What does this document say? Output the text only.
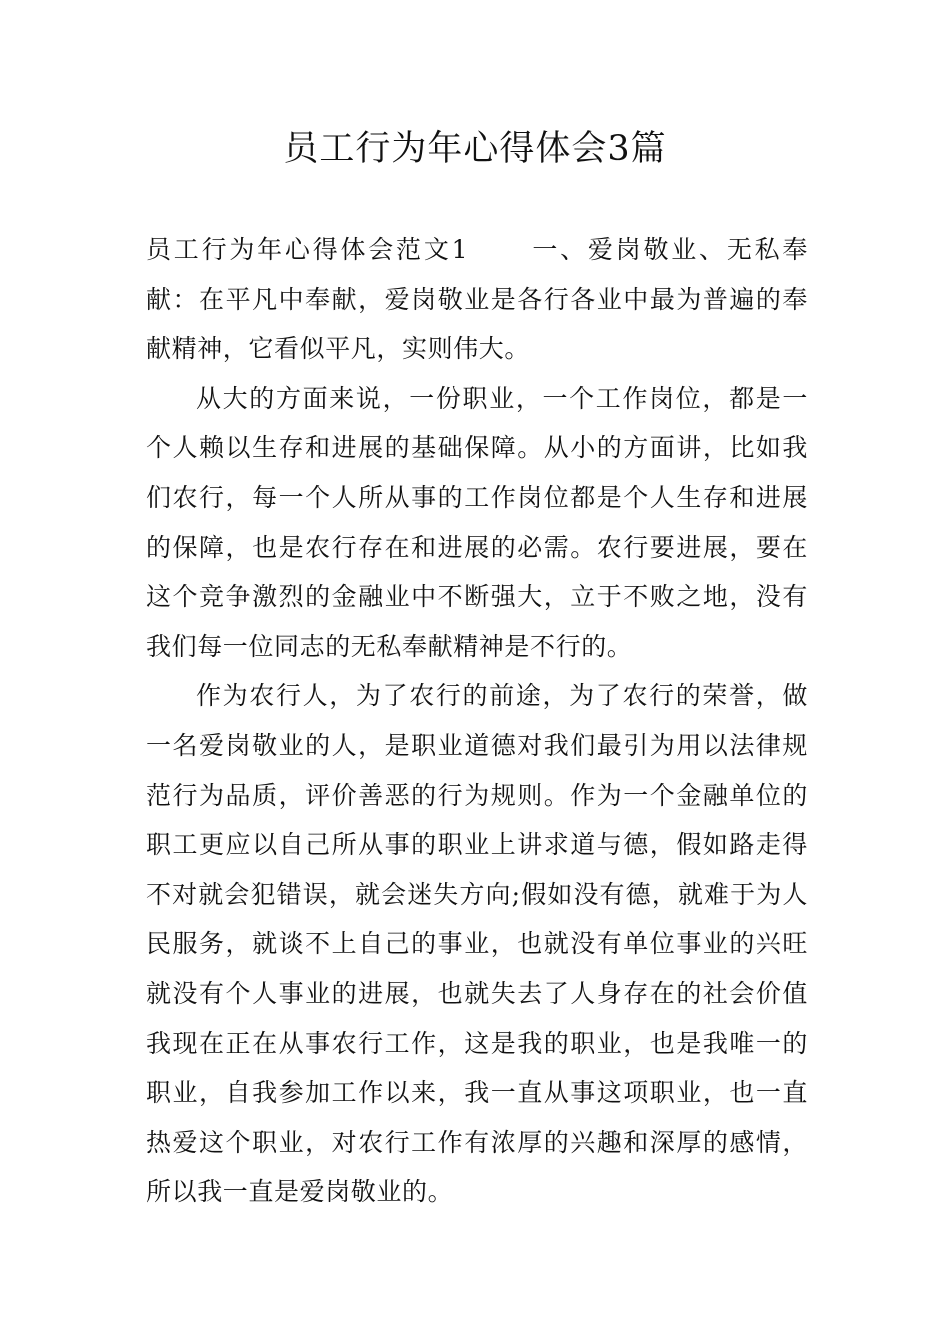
员工行为年心得体会3篇

员工行为年心得体会范文1 一、爱岗敬业、无私奉献：在平凡中奉献，爱岗敬业是各行各业中最为普遍的奉献精神，它看似平凡，实则伟大。

从大的方面来说，一份职业，一个工作岗位，都是一个人赖以生存和进展的基础保障。从小的方面讲，比如我们农行，每一个人所从事的工作岗位都是个人生存和进展的保障，也是农行存在和进展的必需。农行要进展，要在这个竞争激烈的金融业中不断强大，立于不败之地，没有我们每一位同志的无私奉献精神是不行的。

作为农行人，为了农行的前途，为了农行的荣誉，做一名爱岗敬业的人，是职业道德对我们最引为用以法律规范行为品质，评价善恶的行为规则。作为一个金融单位的职工更应以自己所从事的职业上讲求道与德，假如路走得不对就会犯错误，就会迷失方向;假如没有德，就难于为人民服务，就谈不上自己的事业，也就没有单位事业的兴旺就没有个人事业的进展，也就失去了人身存在的社会价值我现在正在从事农行工作，这是我的职业，也是我唯一的职业，自我参加工作以来，我一直从事这项职业，也一直热爱这个职业，对农行工作有浓厚的兴趣和深厚的感情，所以我一直是爱岗敬业的。
